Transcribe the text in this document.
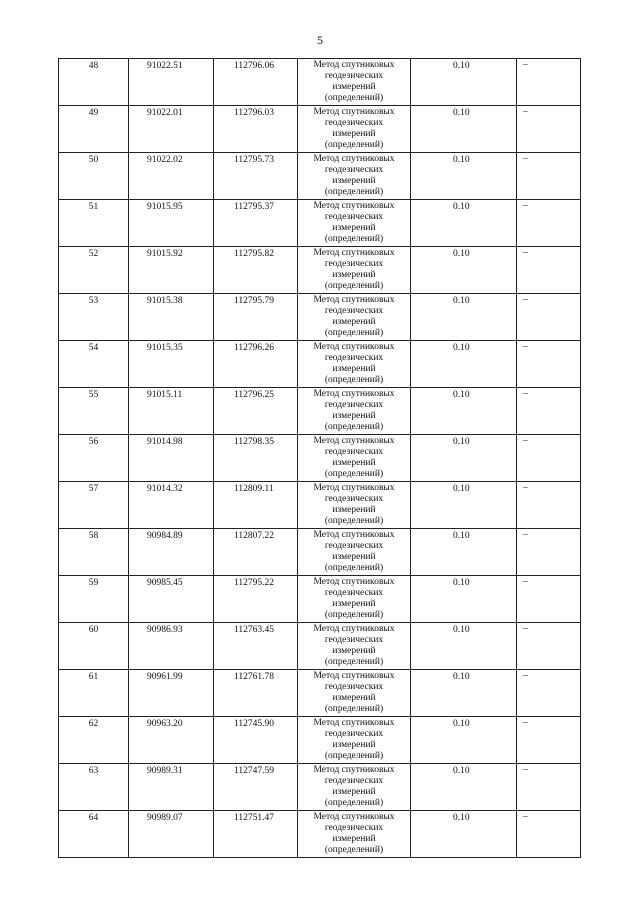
5
48	91022.51	112796.06	Метод спутниковых
геодезических
измерений
(определений)	0.10	–
49	91022.01	112796.03	Метод спутниковых
геодезических
измерений
(определений)	0.10	–
50	91022.02	112795.73	Метод спутниковых
геодезических
измерений
(определений)	0.10	–
51	91015.95	112795.37	Метод спутниковых
геодезических
измерений
(определений)	0.10	–
52	91015.92	112795.82	Метод спутниковых
геодезических
измерений
(определений)	0.10	–
53	91015.38	112795.79	Метод спутниковых
геодезических
измерений
(определений)	0.10	–
54	91015.35	112796.26	Метод спутниковых
геодезических
измерений
(определений)	0.10	–
55	91015.11	112796.25	Метод спутниковых
геодезических
измерений
(определений)	0.10	–
56	91014.98	112798.35	Метод спутниковых
геодезических
измерений
(определений)	0.10	–
57	91014.32	112809.11	Метод спутниковых
геодезических
измерений
(определений)	0.10	–
58	90984.89	112807.22	Метод спутниковых
геодезических
измерений
(определений)	0.10	–
59	90985.45	112795.22	Метод спутниковых
геодезических
измерений
(определений)	0.10	–
60	90986.93	112763.45	Метод спутниковых
геодезических
измерений
(определений)	0.10	–
61	90961.99	112761.78	Метод спутниковых
геодезических
измерений
(определений)	0.10	–
62	90963.20	112745.90	Метод спутниковых
геодезических
измерений
(определений)	0.10	–
63	90989.31	112747.59	Метод спутниковых
геодезических
измерений
(определений)	0.10	–
64	90989.07	112751.47	Метод спутниковых
геодезических
измерений
(определений)	0.10	–
